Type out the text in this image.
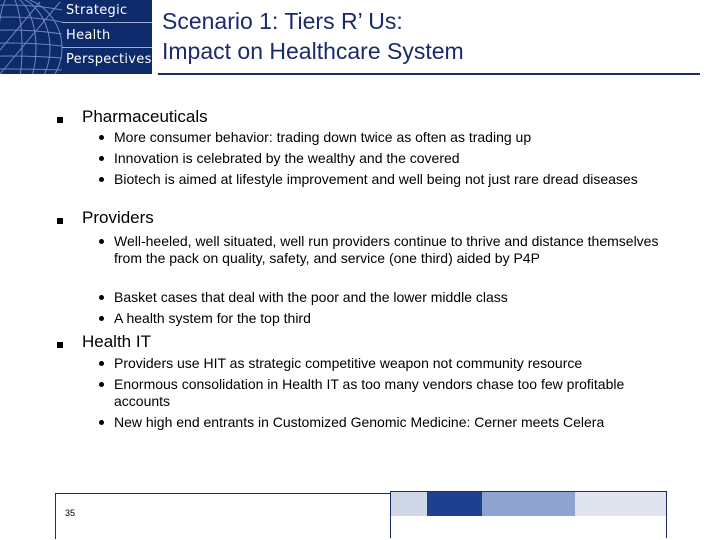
Strategic
Health
Perspectives
Scenario 1: Tiers R’ Us:
Impact on Healthcare System
Pharmaceuticals
More consumer behavior: trading down twice as often as trading up
Innovation is celebrated by the wealthy and the covered
Biotech is aimed at lifestyle improvement and well being not just rare dread diseases
Providers
Well-heeled, well situated, well run providers continue to thrive and distance themselves from the pack on quality, safety, and service (one third) aided by P4P
Basket cases that deal with the poor and the lower middle class
A health system for the top third
Health IT
Providers use HIT as strategic competitive weapon not community resource
Enormous consolidation in Health IT as too many vendors chase too few profitable accounts
New high end entrants in Customized Genomic Medicine: Cerner meets Celera
35
